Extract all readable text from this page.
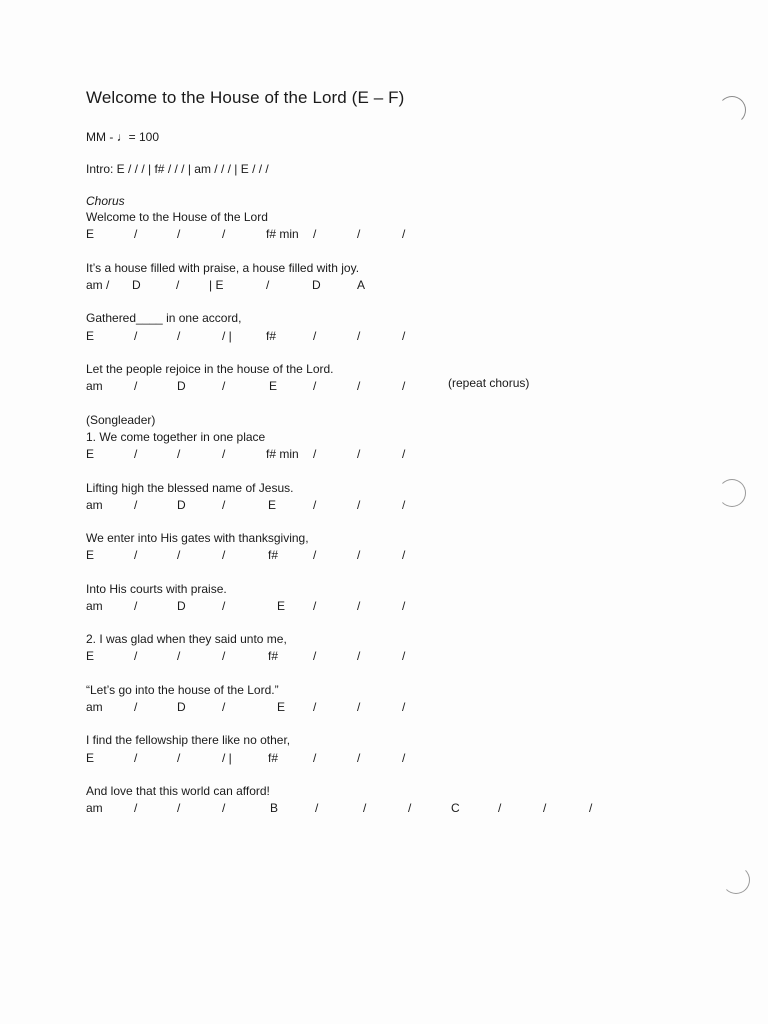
Welcome to the House of the Lord (E – F)
MM - ♩= 100
Intro: E / / / | f# / / / | am / / / | E / / /
Chorus
Welcome to the House of the Lord
E	/	/	/	f# min /	/	/
It’s a house filled with praise, a house filled with joy.
am / D	/ | E	/	D	A
Gathered____ in one accord,
E	/	/	/ |	f#	/	/	/
Let the people rejoice in the house of the Lord.
am	/	D	/	E	/	/	/	(repeat chorus)
(Songleader)
1. We come together in one place
E	/	/	/	f# min /	/	/
Lifting high the blessed name of Jesus.
am	/	D	/	E	/	/	/
We enter into His gates with thanksgiving,
E	/	/	/	f#	/	/	/
Into His courts with praise.
am	/	D	/	E /	/	/
2. I was glad when they said unto me,
E	/	/	/	f#	/	/	/
“Let’s go into the house of the Lord.”
am	/	D	/	E /	/	/
I find the fellowship there like no other,
E	/	/	/ |	f#	/	/	/
And love that this world can afford!
am	/	/	/	B	/	/	/	C	/	/	/
